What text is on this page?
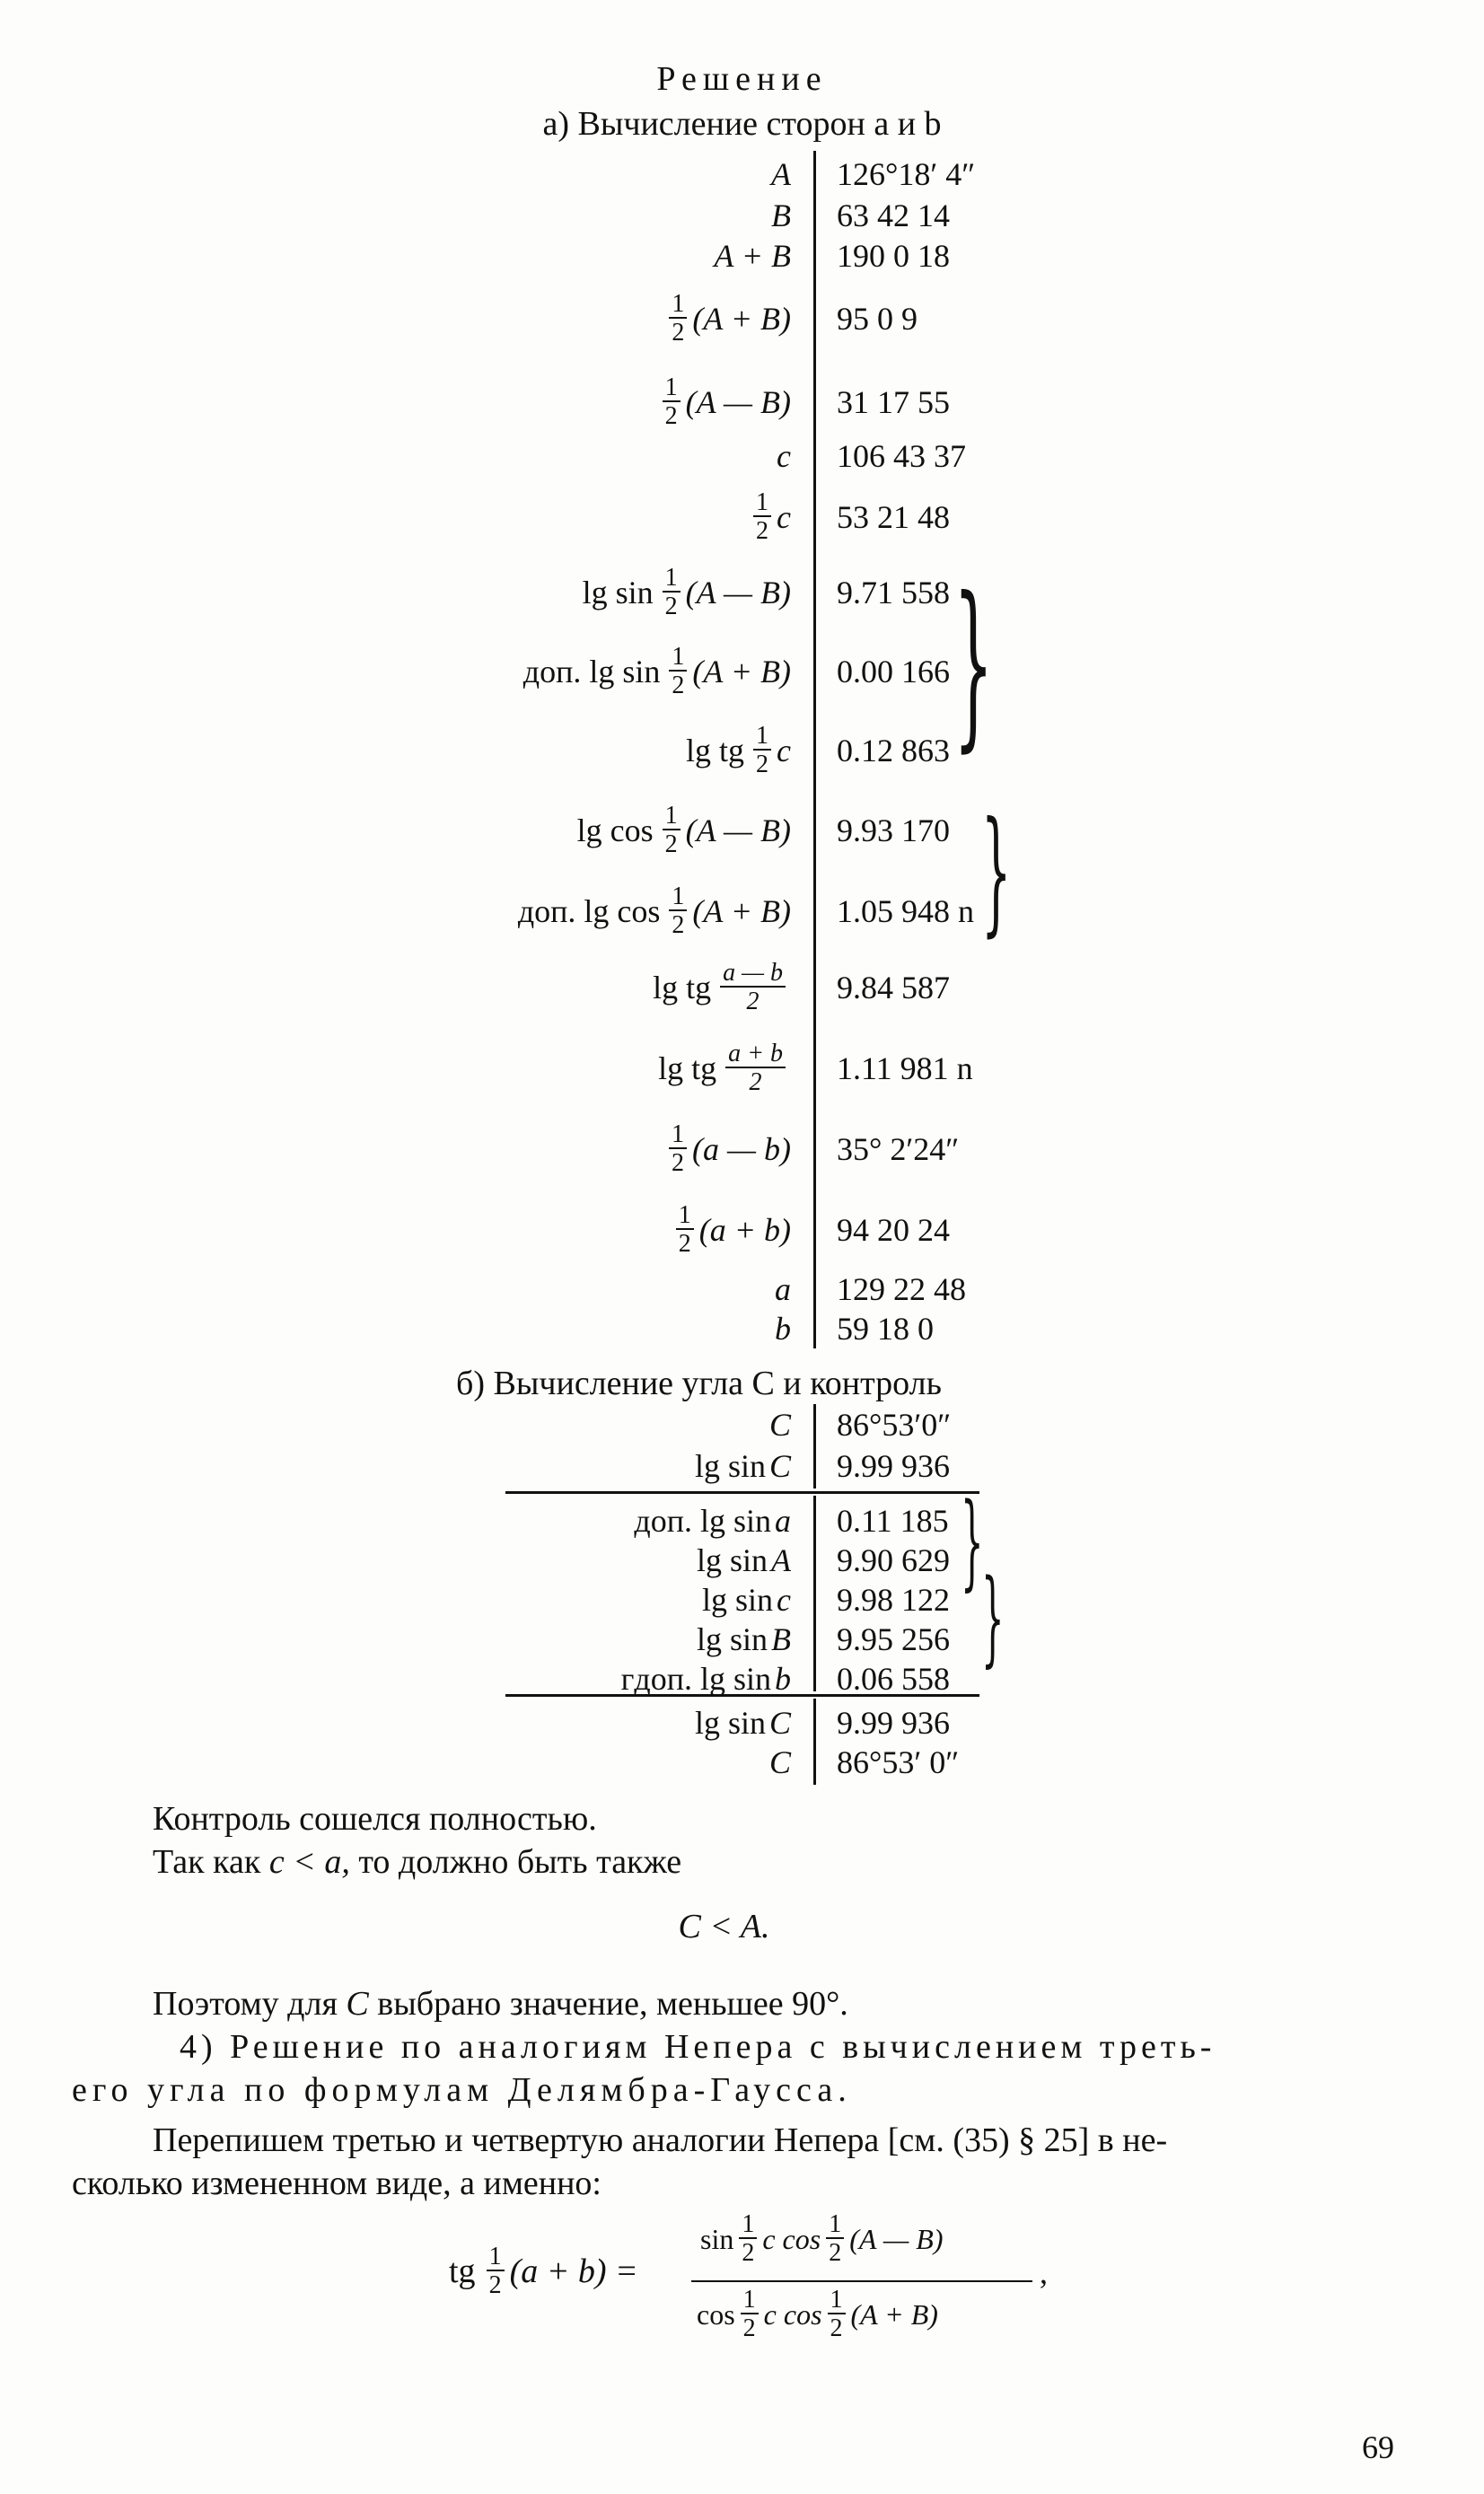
Решение
а) Вычисление сторон a и b
A 126°18′ 4″
B 63 42 14
A + B 190 0 18
$\frac{1}{2} (A + B)$ 95 0 9
$\frac{1}{2} (A$ — B) 31 17 55
c 106 43 37
$\frac{1}{2}$ c 53 21 48
$\lg \sin \frac{1}{2} (A$ — B) 9.71 558
доп. $\lg \sin \frac{1}{2} (A + B)$ 0.00 166
lg tg $\frac{1}{2}$ c 0.12 863
$\lg \cos \frac{1}{2} (A$ — B) 9.93 170
доп. $\lg \cos \frac{1}{2} (A + B)$ 1.05 948 n
lg tg $\frac{a — b}{2} 9.84$ 587
lg tg $\frac{a + b}{2} 1.11$ 981 n
$\frac{1}{2} (a$ — b) 35° 2′24″
$\frac{1}{2} (a + b)$ 94 20 24
a 129 22 48
b 59 18 0
}
}
б) Вычисление угла C и контроль
C 86°53′0″
lg sin C 9.99 936
доп. lg sin a 0.11 185
lg sin A 9.90 629
lg sin c 9.98 122
lg sin B 9.95 256
ᴦдоп. lg sin b 0.06 558
lg sin C 9.99 936
C 86°53′ 0″
}
}
Контроль сошелся полностью.
Так как c < a, то должно быть также
C < A.
Поэтому для C выбрано значение, меньшее 90°.
4) Решение по аналогиям Непера с вычислением треть-
его угла по формулам Делямбра-Гаусса.
Перепишем третью и четвертую аналогии Непера [см. (35) § 25] в не-
сколько измененном виде, а именно:
tg $\frac{1}{2} (a + b)$ =
$\sin \frac{1}{2}$ c $\cos \frac{1}{2} (A$ — B)
$\cos \frac{1}{2}$ c $\cos \frac{1}{2} (A + B)$
,
69
